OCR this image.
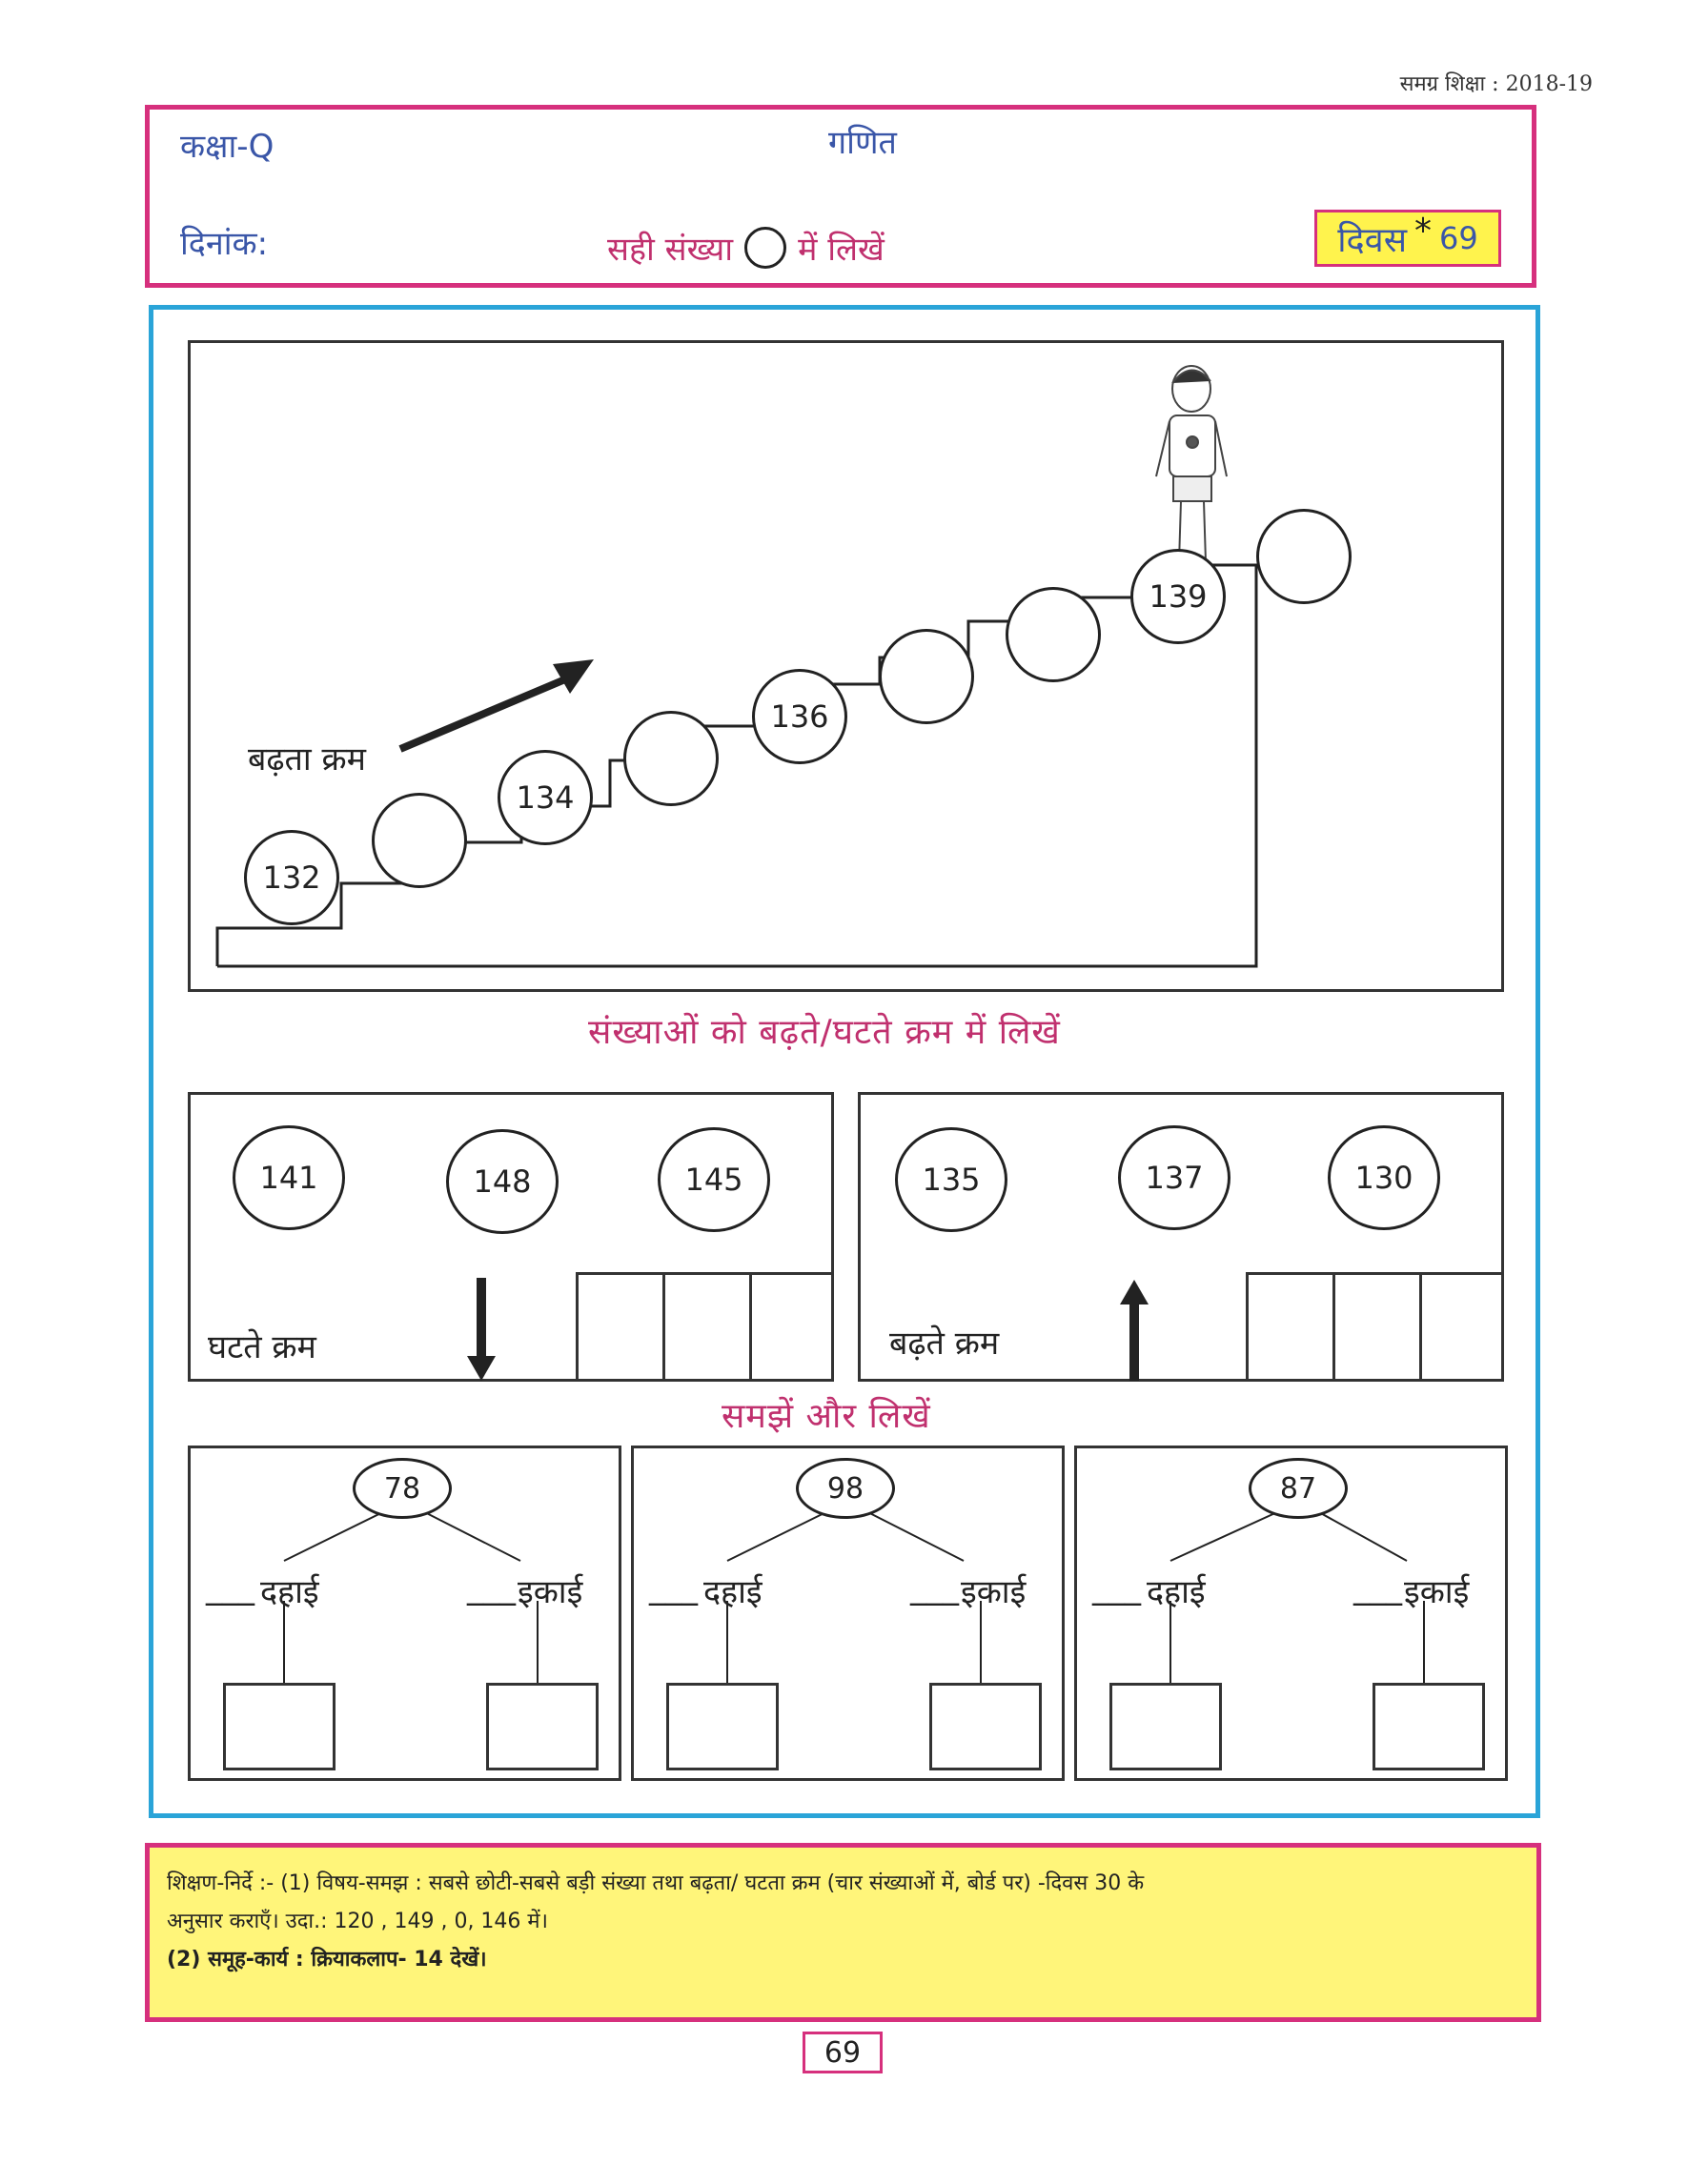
समग्र शिक्षा : 2018-19
कक्षा-Q	गणित
दिनांक:	सही संख्या में लिखें	दिवस * 69
बढ़ता क्रम
132
134
136
139
संख्याओं को बढ़ते/घटते क्रम में लिखें
141	148	145
घटते क्रम
135	137	130
बढ़ते क्रम
समझें और लिखें
78
___ दहाई	___ इकाई
98
___ दहाई	___ इकाई
87
___ दहाई	___ इकाई
शिक्षण-निर्दे :- (1) विषय-समझ : सबसे छोटी-सबसे बड़ी संख्या तथा बढ़ता/ घटता क्रम (चार संख्याओं में, बोर्ड पर) -दिवस 30 के
अनुसार कराएँ। उदा.: 120 , 149 , 0, 146 में।
(2) समूह-कार्य : क्रियाकलाप- 14 देखें।
69
